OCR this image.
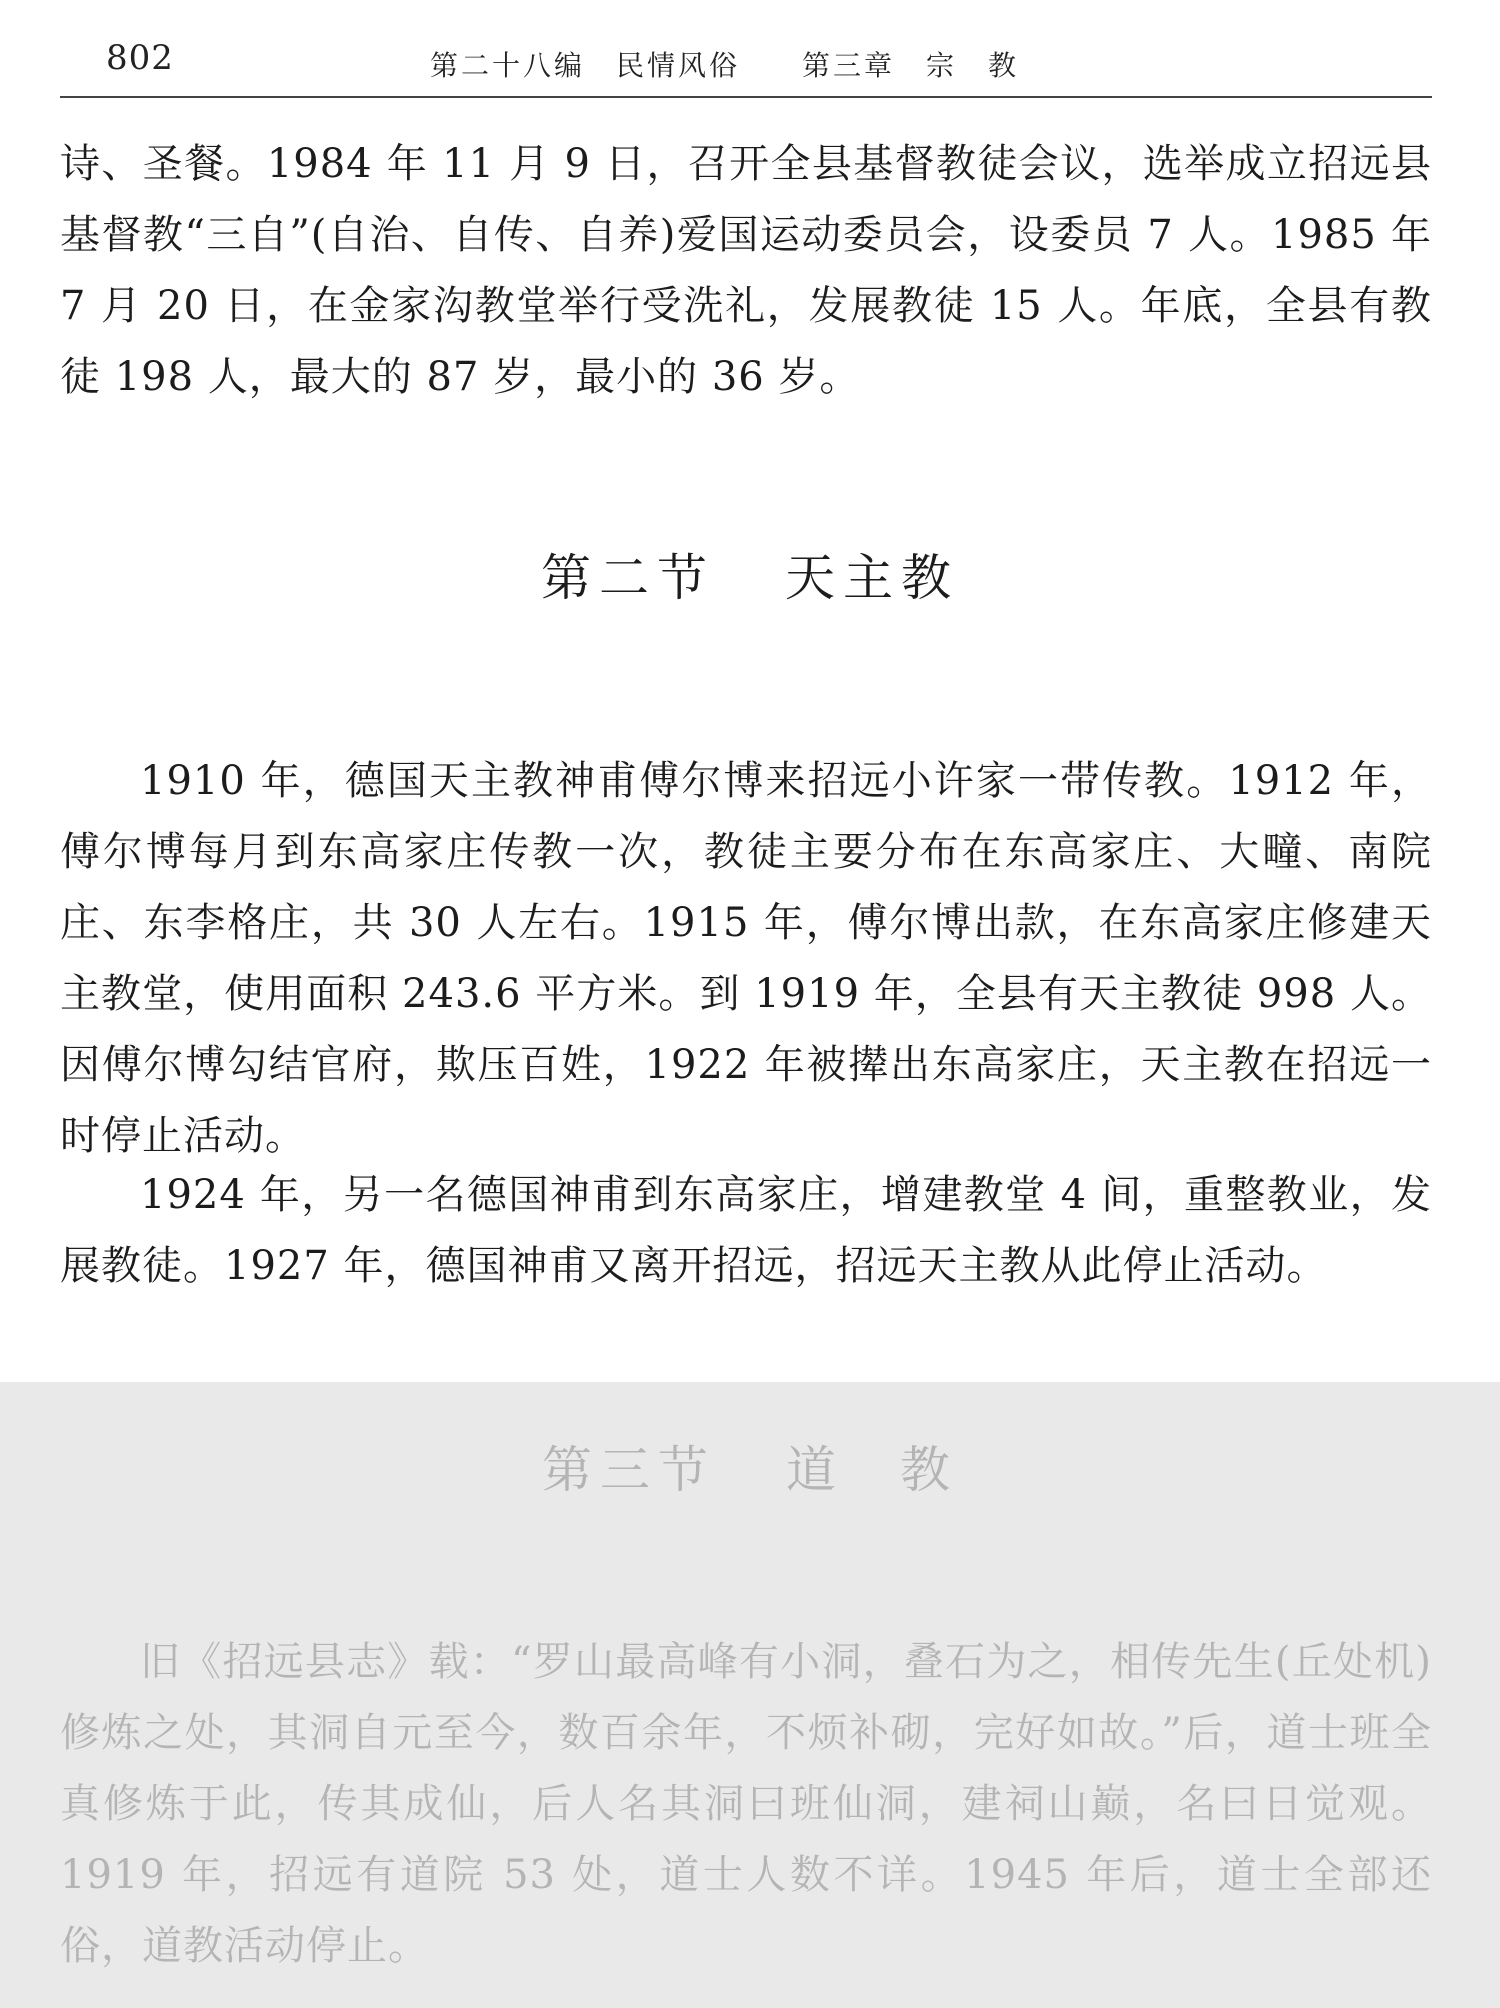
802	第二十八编　民情风俗　　第三章　宗　教

诗、圣餐。1984 年 11 月 9 日，召开全县基督教徒会议，选举成立招远县基督教“三自”(自治、自传、自养)爱国运动委员会，设委员 7 人。1985 年 7 月 20 日，在金家沟教堂举行受洗礼，发展教徒 15 人。年底，全县有教徒 198 人，最大的 87 岁，最小的 36 岁。

第二节 天主教

1910 年，德国天主教神甫傅尔博来招远小许家一带传教。1912 年，傅尔博每月到东高家庄传教一次，教徒主要分布在东高家庄、大疃、南院庄、东李格庄，共 30 人左右。1915 年，傅尔博出款，在东高家庄修建天主教堂，使用面积 243.6 平方米。到 1919 年，全县有天主教徒 998 人。因傅尔博勾结官府，欺压百姓，1922 年被撵出东高家庄，天主教在招远一时停止活动。

1924 年，另一名德国神甫到东高家庄，增建教堂 4 间，重整教业，发展教徒。1927 年，德国神甫又离开招远，招远天主教从此停止活动。

第三节 道 教

旧《招远县志》载：“罗山最高峰有小洞，叠石为之，相传先生(丘处机)修炼之处，其洞自元至今，数百余年，不烦补砌，完好如故。”后，道士班全真修炼于此，传其成仙，后人名其洞曰班仙洞，建祠山巅，名曰日觉观。1919 年，招远有道院 53 处，道士人数不详。1945 年后，道士全部还俗，道教活动停止。
